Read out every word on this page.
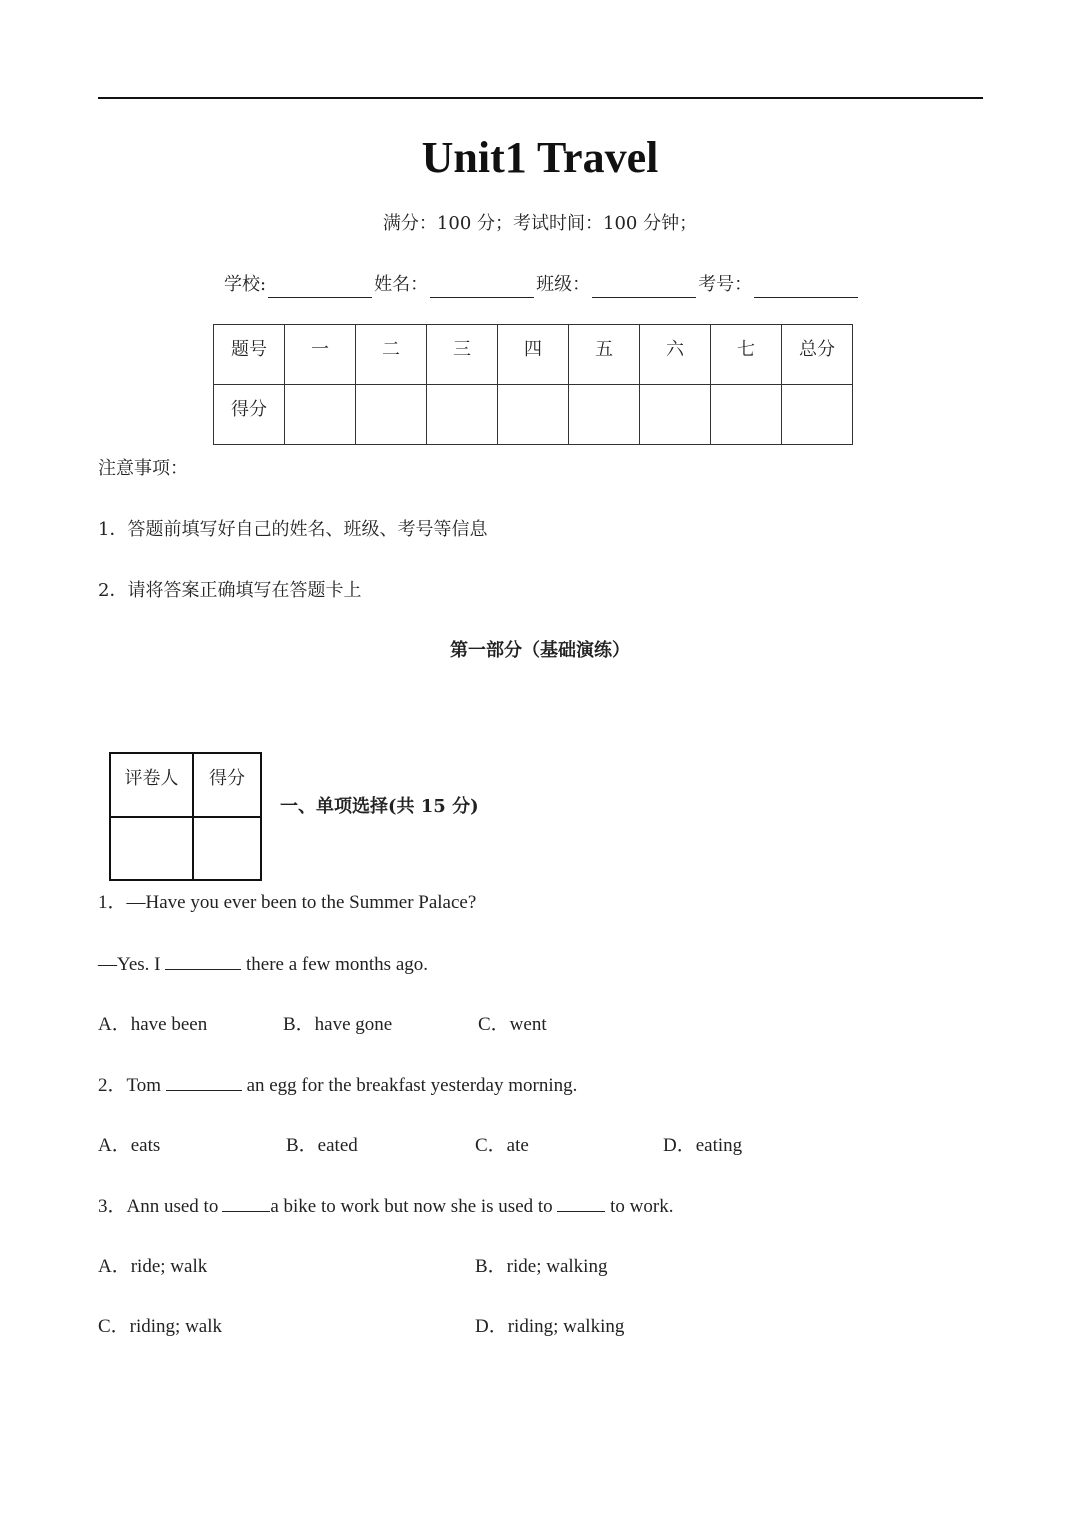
Unit1 Travel
满分：100 分；考试时间：100 分钟；
学校:	姓名：	班级：	考号：
题号	一	二	三	四	五	六	七	总分
得分								
注意事项：
1．答题前填写好自己的姓名、班级、考号等信息
2．请将答案正确填写在答题卡上
第一部分（基础演练）
评卷人	得分

一、单项选择(共 15 分)
1．—Have you ever been to the Summer Palace?
—Yes. I	there a few months ago.
A．have been	B．have gone	C．went
2．Tom	an egg for the breakfast yesterday morning.
A．eats	B．eated	C．ate	D．eating
3．Ann used to	a bike to work but now she is used to	to work.
A．ride; walk	B．ride; walking
C．riding; walk	D．riding; walking
